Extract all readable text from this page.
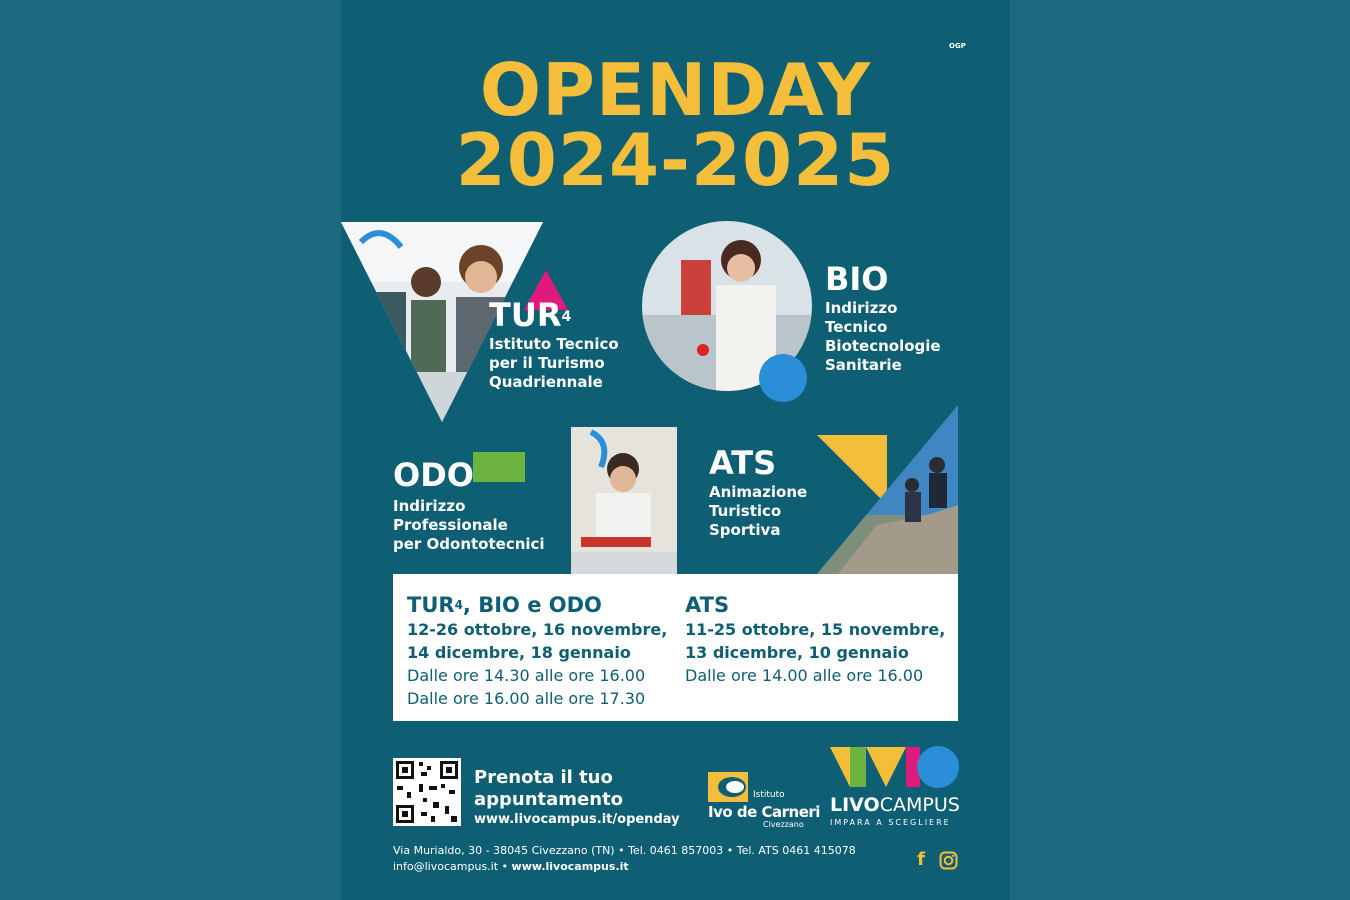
OGP
OPENDAY
2024-2025
TUR$^4$
Istituto Tecnico
per il Turismo
Quadriennale
BIO
Indirizzo
Tecnico
Biotecnologie
Sanitarie
ODO
Indirizzo
Professionale
per Odontotecnici
ATS
Animazione
Turistico
Sportiva
TUR$^4$, BIO e ODO
12-26 ottobre, 16 novembre,
14 dicembre, 18 gennaio
Dalle ore 14.30 alle ore 16.00
Dalle ore 16.00 alle ore 17.30
ATS
11-25 ottobre, 15 novembre,
13 dicembre, 10 gennaio
Dalle ore 14.00 alle ore 16.00
Prenota il tuo
appuntamento
www.livocampus.it/openday
Istituto
Ivo de Carneri
Civezzano
LIVOCAMPUS
IMPARA A SCEGLIERE
Via Murialdo, 30 - 38045 Civezzano (TN) • Tel. 0461 857003 • Tel. ATS 0461 415078
info@livocampus.it • www.livocampus.it	f
